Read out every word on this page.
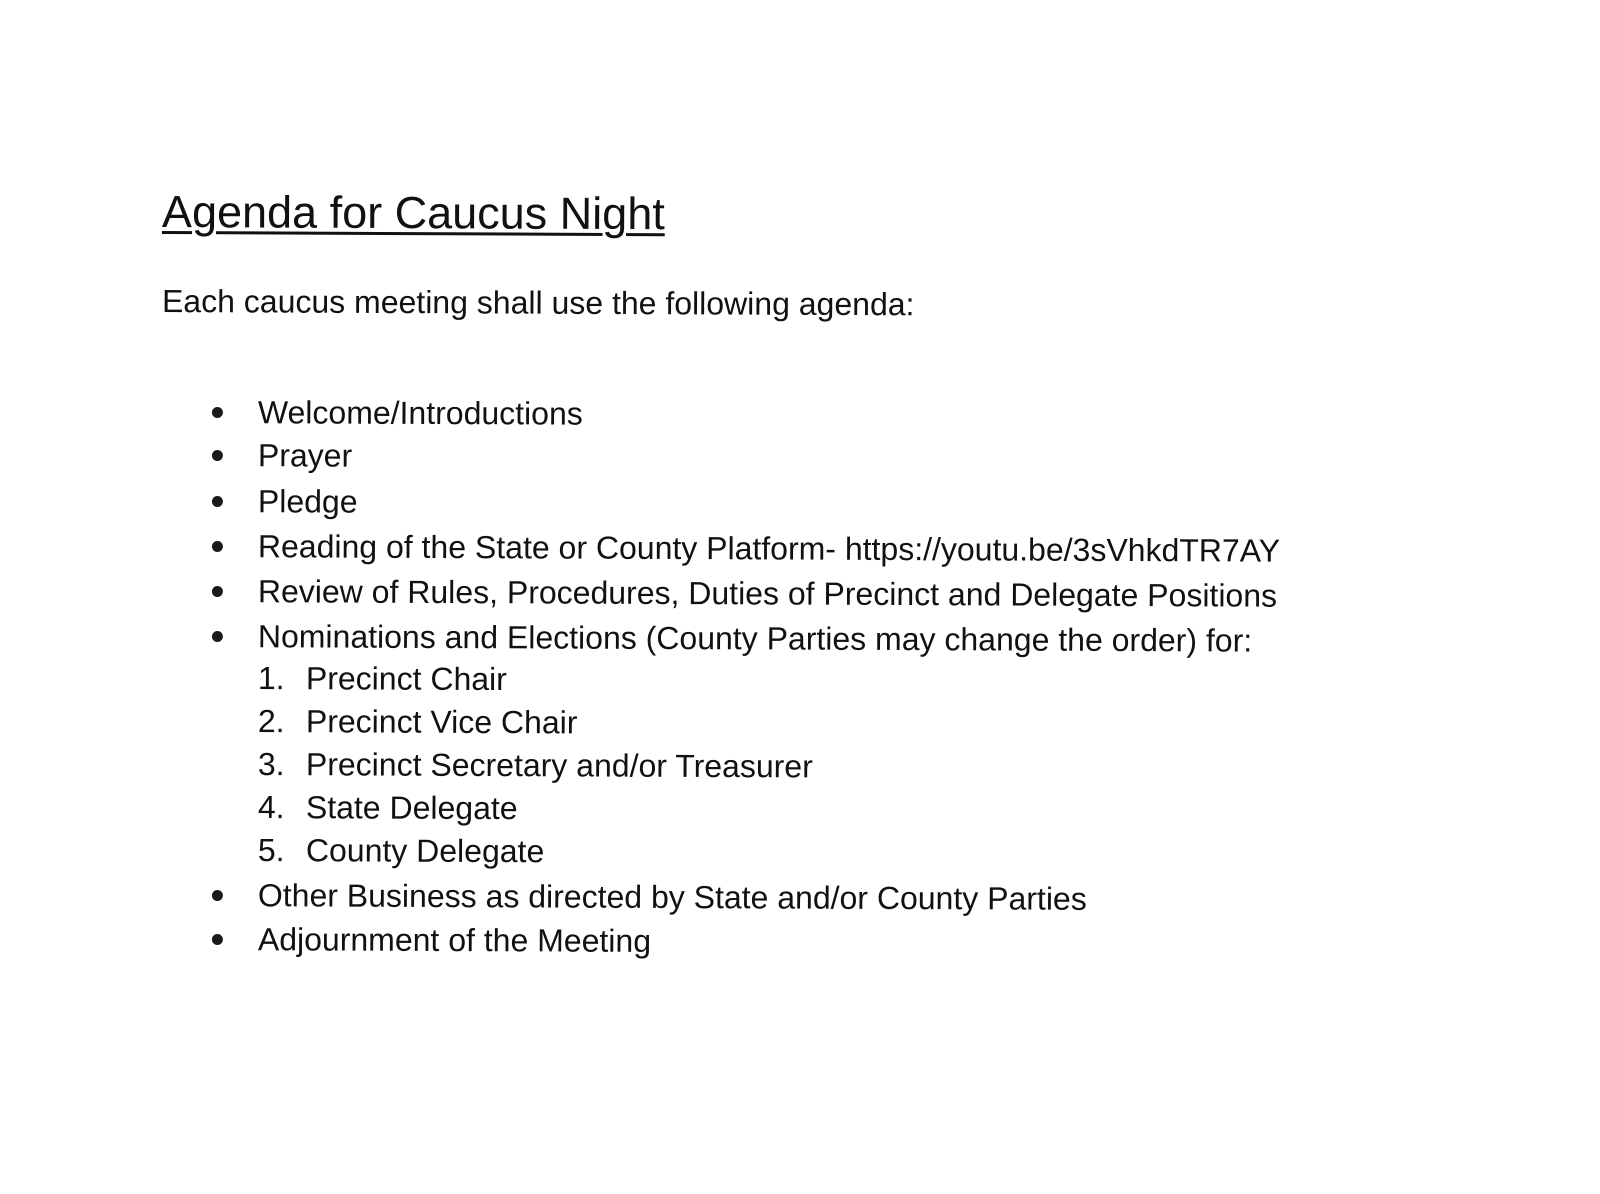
Agenda for Caucus Night

Each caucus meeting shall use the following agenda:

Welcome/Introductions
Prayer
Pledge
Reading of the State or County Platform- https://youtu.be/3sVhkdTR7AY
Review of Rules, Procedures, Duties of Precinct and Delegate Positions
Nominations and Elections (County Parties may change the order) for:
1. Precinct Chair
2. Precinct Vice Chair
3. Precinct Secretary and/or Treasurer
4. State Delegate
5. County Delegate
Other Business as directed by State and/or County Parties
Adjournment of the Meeting
